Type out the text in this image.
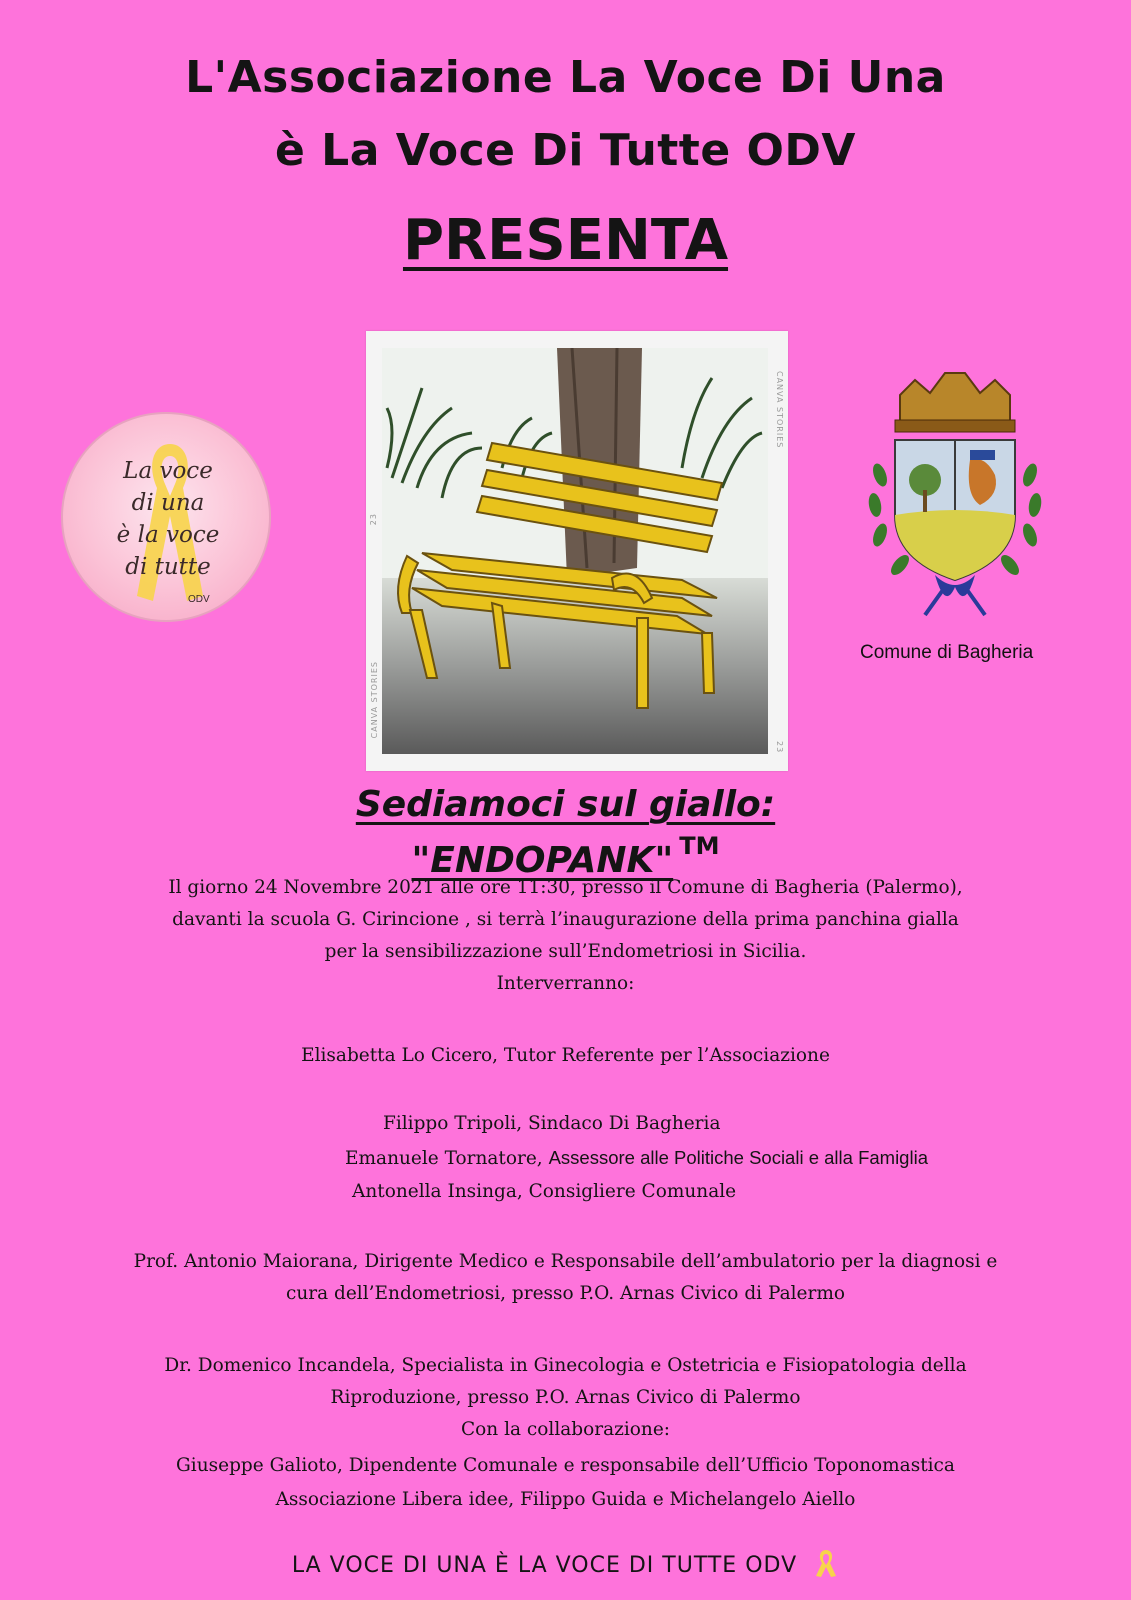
L'Associazione La Voce Di Una
è La Voce Di Tutte ODV
PRESENTA
La voce
di una
è la voce
di tutte
ODV
CANVA STORIES
CANVA STORIES
23
23
Comune di Bagheria
Sediamoci sul giallo:
"ENDOPANK" ™
Il giorno 24 Novembre 2021 alle ore 11:30, presso il Comune di Bagheria (Palermo),
davanti la scuola G. Cirincione , si terrà l’inaugurazione della prima panchina gialla
per la sensibilizzazione sull’Endometriosi in Sicilia.
Interverranno:
Elisabetta Lo Cicero, Tutor Referente per l’Associazione
Filippo Tripoli, Sindaco Di Bagheria
Emanuele Tornatore, Assessore alle Politiche Sociali e alla Famiglia
Antonella Insinga, Consigliere Comunale
Prof. Antonio Maiorana, Dirigente Medico e Responsabile dell’ambulatorio per la diagnosi e
cura dell’Endometriosi, presso P.O. Arnas Civico di Palermo
Dr. Domenico Incandela, Specialista in Ginecologia e Ostetricia e Fisiopatologia della
Riproduzione, presso P.O. Arnas Civico di Palermo
Con la collaborazione:
Giuseppe Galioto, Dipendente Comunale e responsabile dell’Ufficio Toponomastica
Associazione Libera idee, Filippo Guida e Michelangelo Aiello
LA VOCE DI UNA È LA VOCE DI TUTTE ODV
